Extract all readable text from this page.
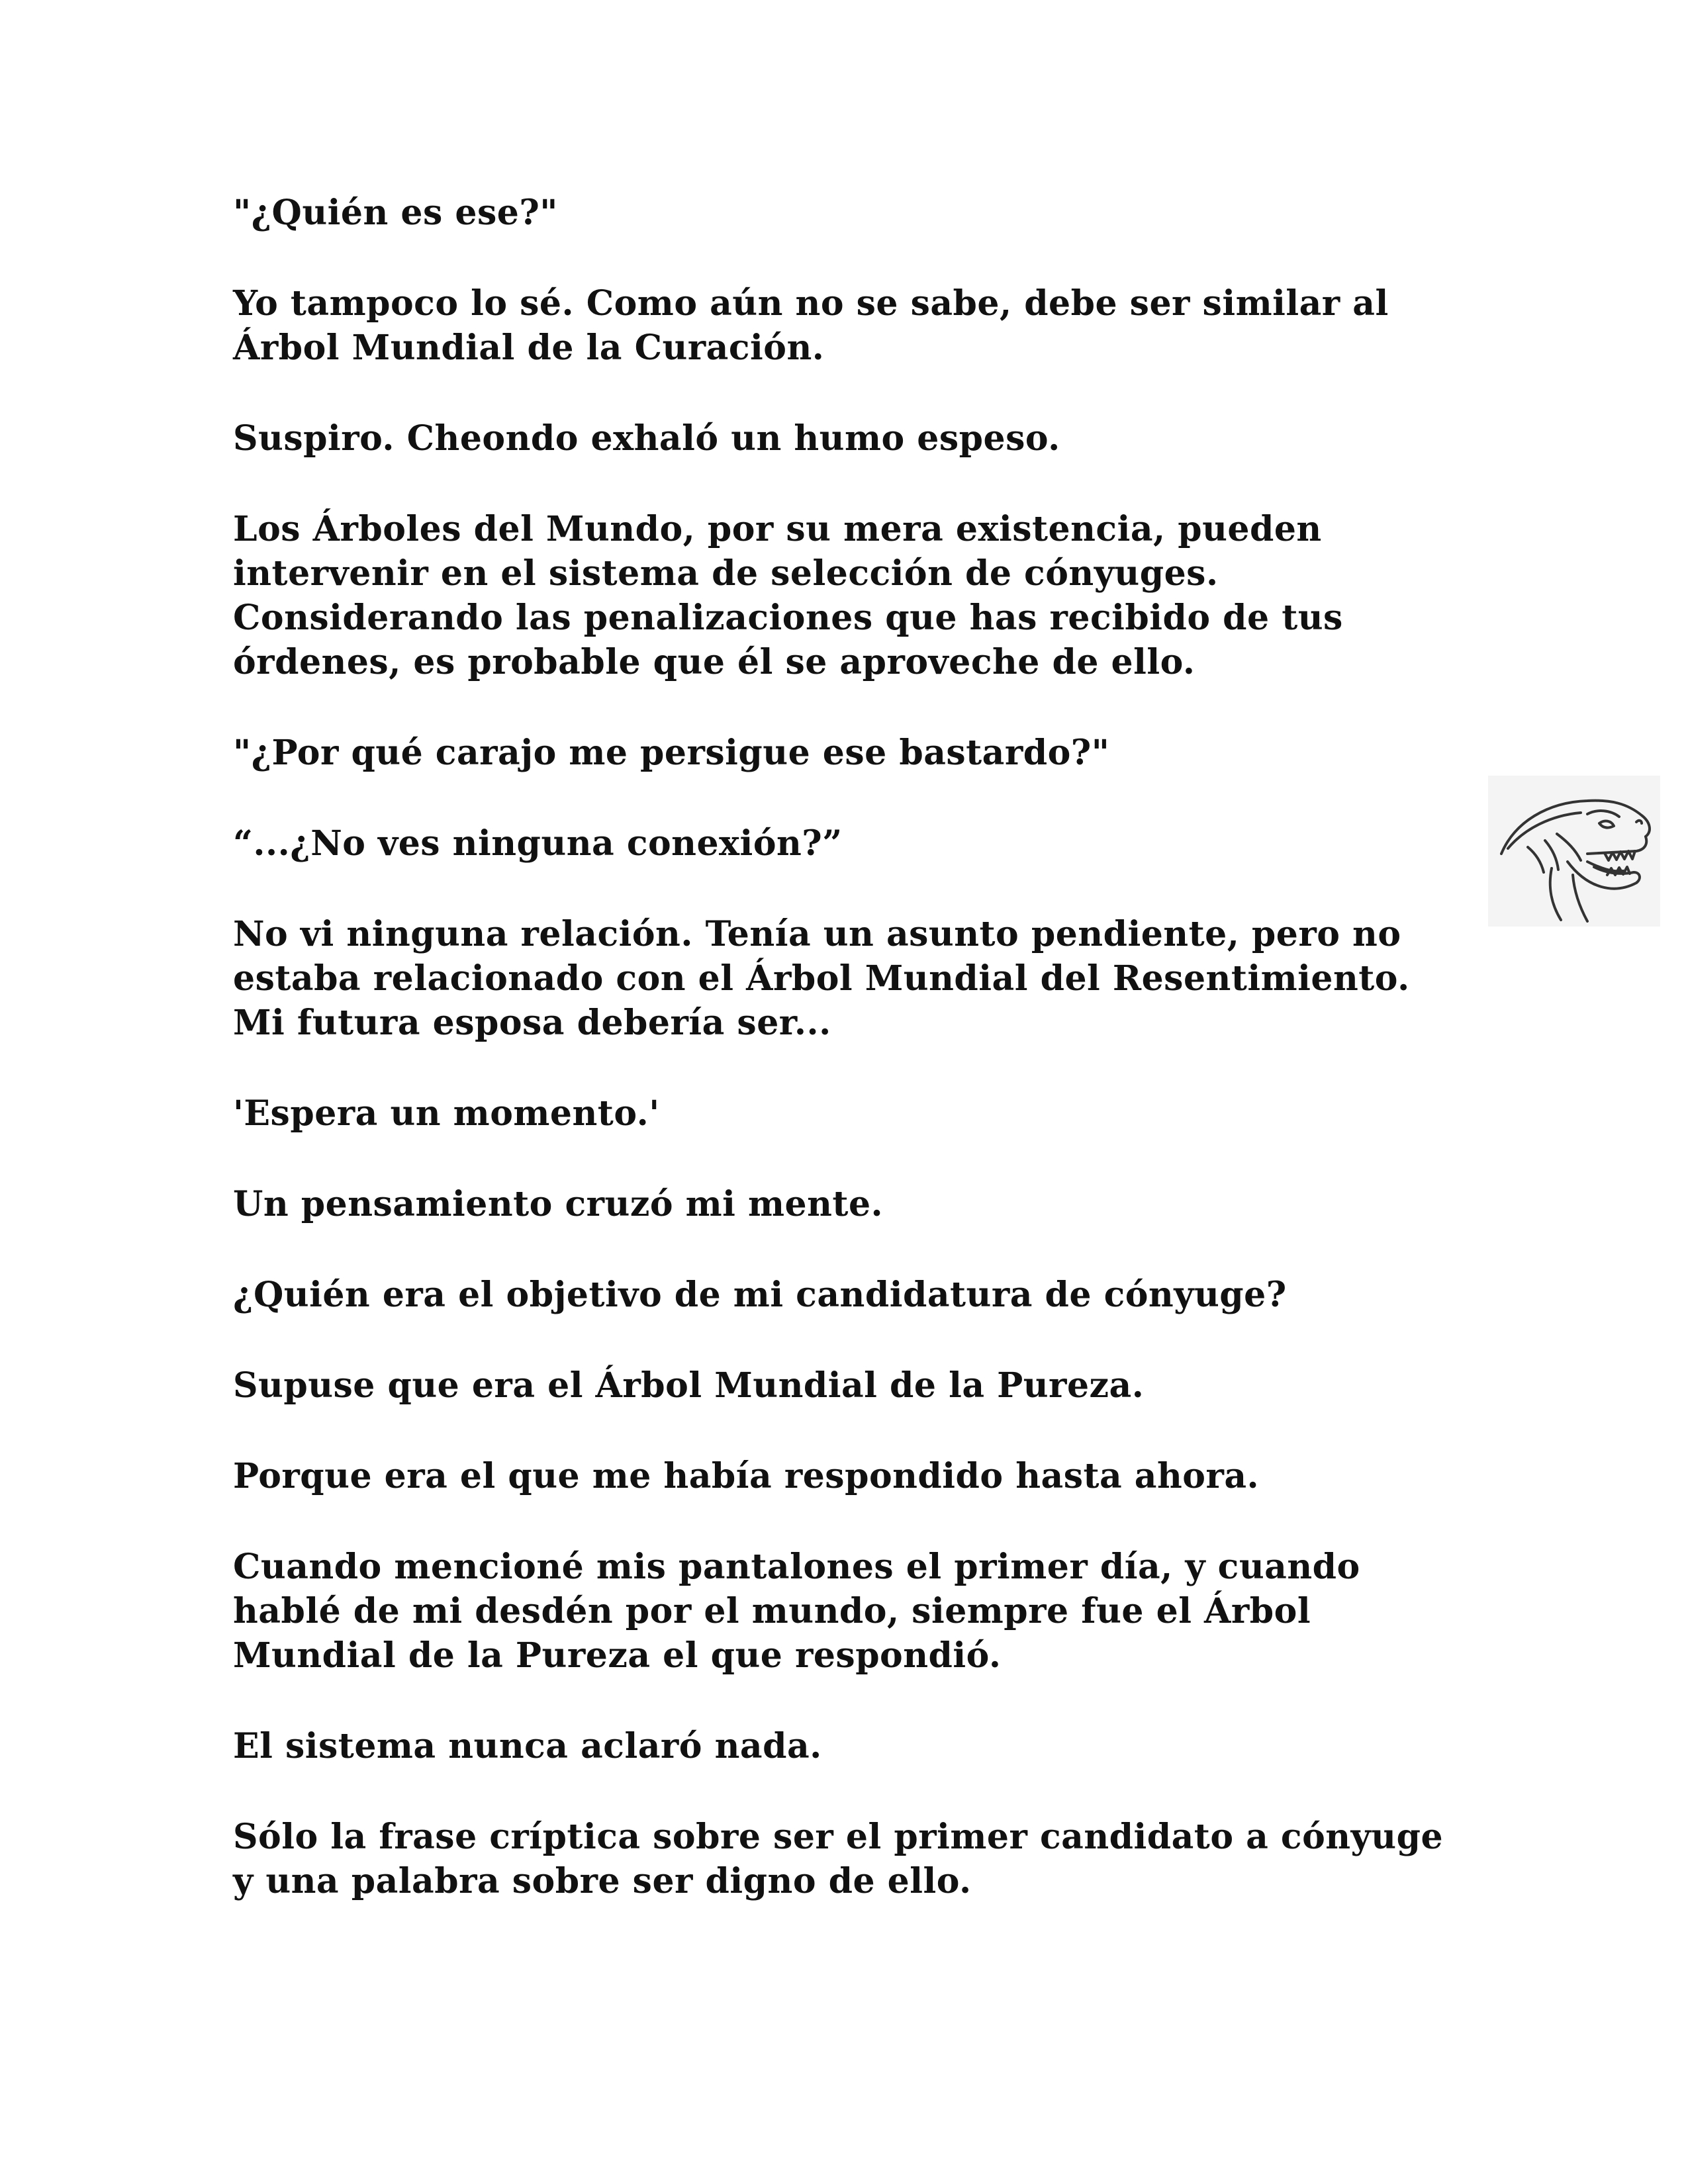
"¿Quién es ese?"

Yo tampoco lo sé. Como aún no se sabe, debe ser similar al
Árbol Mundial de la Curación.

Suspiro. Cheondo exhaló un humo espeso.

Los Árboles del Mundo, por su mera existencia, pueden
intervenir en el sistema de selección de cónyuges.
Considerando las penalizaciones que has recibido de tus
órdenes, es probable que él se aproveche de ello.

"¿Por qué carajo me persigue ese bastardo?"

“...¿No ves ninguna conexión?”

No vi ninguna relación. Tenía un asunto pendiente, pero no
estaba relacionado con el Árbol Mundial del Resentimiento.
Mi futura esposa debería ser...

'Espera un momento.'

Un pensamiento cruzó mi mente.

¿Quién era el objetivo de mi candidatura de cónyuge?

Supuse que era el Árbol Mundial de la Pureza.

Porque era el que me había respondido hasta ahora.

Cuando mencioné mis pantalones el primer día, y cuando
hablé de mi desdén por el mundo, siempre fue el Árbol
Mundial de la Pureza el que respondió.

El sistema nunca aclaró nada.

Sólo la frase críptica sobre ser el primer candidato a cónyuge
y una palabra sobre ser digno de ello.
